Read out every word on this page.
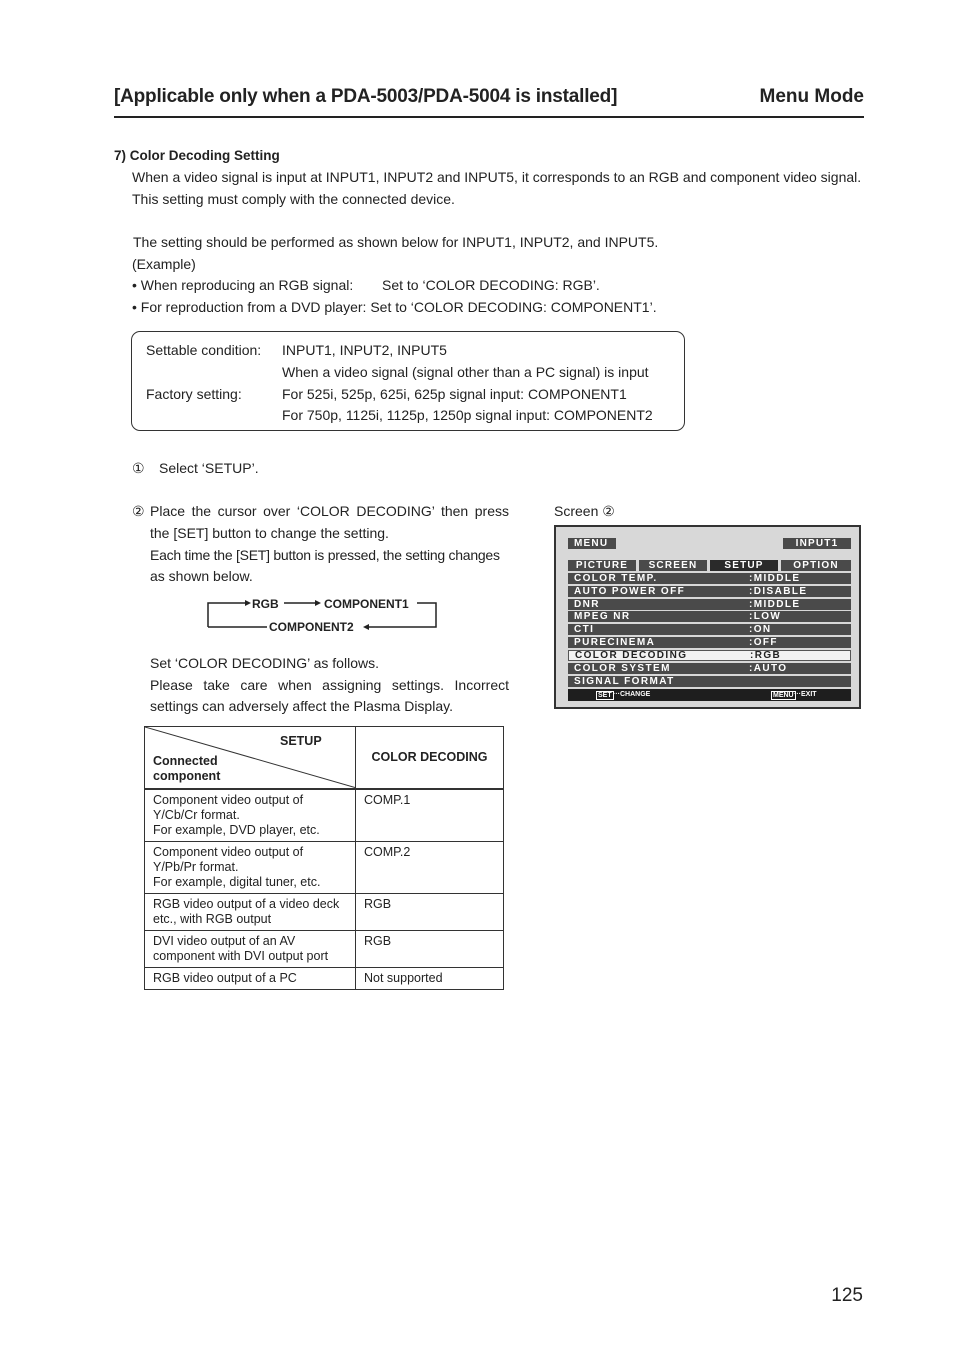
[Applicable only when a PDA-5003/PDA-5004 is installed]	Menu Mode
7) Color Decoding Setting
When a video signal is input at INPUT1, INPUT2 and INPUT5, it corresponds to an RGB and component video signal.
This setting must comply with the connected device.
The setting should be performed as shown below for INPUT1, INPUT2, and INPUT5.
(Example)
• When reproducing an RGB signal: Set to ‘COLOR DECODING: RGB’.
• For reproduction from a DVD player: Set to ‘COLOR DECODING: COMPONENT1’.
Settable condition: INPUT1, INPUT2, INPUT5
When a video signal (signal other than a PC signal) is input
Factory setting:	For 525i, 525p, 625i, 625p signal input: COMPONENT1
For 750p, 1125i, 1125p, 1250p signal input: COMPONENT2
① Select ‘SETUP’.
② Place the cursor over ‘COLOR DECODING’ then press
the [SET] button to change the setting.
Each time the [SET] button is pressed, the setting changes
as shown below.
RGB	COMPONENT1
COMPONENT2
Set ‘COLOR DECODING’ as follows.
Please take care when assigning settings. Incorrect
settings can adversely affect the Plasma Display.
SETUP
Connected
component	COLOR DECODING
Component video output of
Y/Cb/Cr format.
For example, DVD player, etc.	COMP.1
Component video output of
Y/Pb/Pr format.
For example, digital tuner, etc.	COMP.2
RGB video output of a video deck
etc., with RGB output	RGB
DVI video output of an AV
component with DVI output port	RGB
RGB video output of a PC	Not supported
Screen ②
MENU	INPUT1
PICTURE	SCREEN	SETUP	OPTION
COLOR TEMP.	:MIDDLE
AUTO POWER OFF	:DISABLE
DNR	:MIDDLE
MPEG NR	:LOW
CTI	:ON
PURECINEMA	:OFF
COLOR DECODING	:RGB
COLOR SYSTEM	:AUTO
SIGNAL FORMAT
SET ···CHANGE	MENU ···EXIT
125
